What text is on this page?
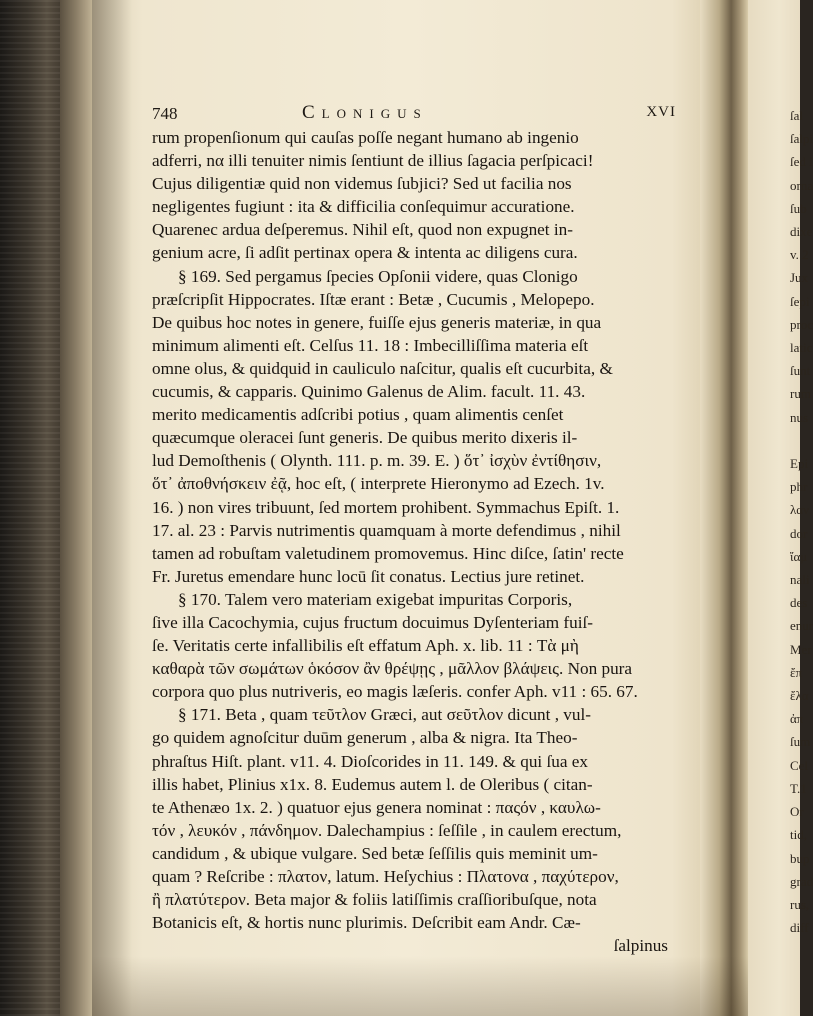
ſal
ſalpi
ſed i
orna
ſub
dixe
v. 2
Jux
ſepi
proc
latic
ſunt
rum
nus

Epi
phr
λαν
dor
ἴαμ
nali
des
enur
Mer
ἔπ
ἔλα
ἀπ
ſum
Cel
T.1
Or
tid,
bup
grad
rus,
diff
748	Clonigus	XVI
rum propenſionum qui cauſas poſſe negant humano ab ingenio
adferri, nα illi tenuiter nimis ſentiunt de illius ſagacia perſpicaci!
Cujus diligentiæ quid non videmus ſubjici? Sed ut facilia nos
negligentes fugiunt : ita & difficilia conſequimur accuratione.
Quarenec ardua deſperemus. Nihil eſt, quod non expugnet in-
genium acre, ſi adſit pertinax opera & intenta ac diligens cura.
§ 169. Sed pergamus ſpecies Opſonii videre, quas Clonigo
præſcripſit Hippocrates. Iſtæ erant : Betæ , Cucumis , Melopepo.
De quibus hoc notes in genere, fuiſſe ejus generis materiæ, in qua
minimum alimenti eſt. Celſus 11. 18 : Imbecilliſſima materia eſt
omne olus, & quidquid in cauliculo naſcitur, qualis eſt cucurbita, &
cucumis, & capparis. Quinimo Galenus de Alim. facult. 11. 43.
merito medicamentis adſcribi potius , quam alimentis cenſet
quæcumque oleracei ſunt generis. De quibus merito dixeris il-
lud Demoſthenis ( Olynth. 111. p. m. 39. E. ) ὅτ᾽ ἰσχὺν ἐντίθησιν,
ὅτ᾽ ἀποθνήσκειν ἐᾷ, hoc eſt, ( interprete Hieronymo ad Ezech. 1v.
16. ) non vires tribuunt, ſed mortem prohibent. Symmachus Epiſt. 1.
17. al. 23 : Parvis nutrimentis quamquam à morte defendimus , nihil
tamen ad robuſtam valetudinem promovemus. Hinc diſce, ſatin' recte
Fr. Juretus emendare hunc locū ſit conatus. Lectius jure retinet.
§ 170. Talem vero materiam exigebat impuritas Corporis,
ſive illa Cacochymia, cujus fructum docuimus Dyſenteriam fuiſ-
ſe. Veritatis certe infallibilis eſt effatum Aph. x. lib. 11 : Τὰ μὴ
καθαρὰ τῶν σωμάτων ὁκόσον ἂν θρέψῃς , μᾶλλον βλάψεις. Non pura
corpora quo plus nutriveris, eo magis læſeris. confer Aph. v11 : 65. 67.
§ 171. Beta , quam τεῦτλον Græci, aut σεῦτλον dicunt , vul-
go quidem agnoſcitur duūm generum , alba & nigra. Ita Theo-
phraſtus Hiſt. plant. v11. 4. Dioſcorides in 11. 149. & qui ſua ex
illis habet, Plinius x1x. 8. Eudemus autem l. de Oleribus ( citan-
te Athenæo 1x. 2. ) quatuor ejus genera nominat : παςόν , καυλω-
τόν , λευκόν , πάνδημον. Dalechampius : ſeſſile , in caulem erectum,
candidum , & ubique vulgare. Sed betæ ſeſſilis quis meminit um-
quam ? Reſcribe : πλατον, latum. Heſychius : Πλατονα , παχύτερον,
ἢ πλατύτερον. Beta major & foliis latiſſimis craſſioribuſque, nota
Botanicis eſt, & hortis nunc plurimis. Deſcribit eam Andr. Cæ-
ſalpinus
